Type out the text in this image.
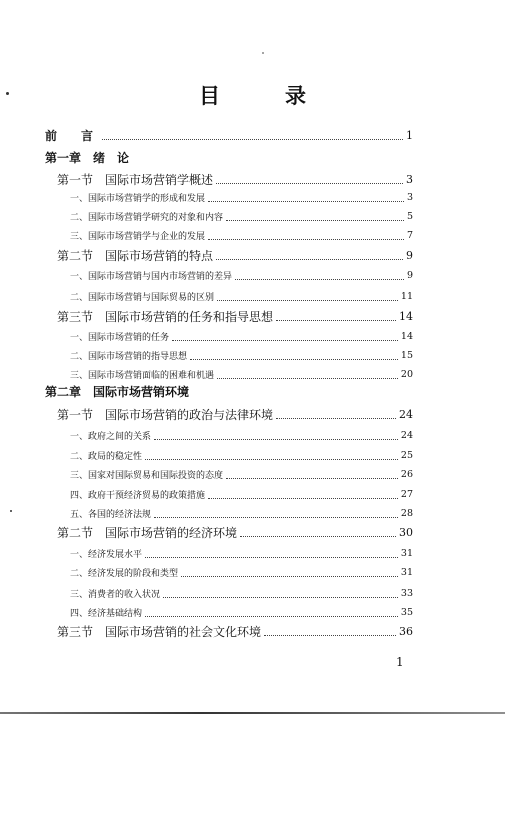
目　录
前　言	1
第一章　绪　论
第一节　国际市场营销学概述	3
一、国际市场营销学的形成和发展	3
二、国际市场营销学研究的对象和内容	5
三、国际市场营销学与企业的发展	7
第二节　国际市场营销的特点	9
一、国际市场营销与国内市场营销的差异	9
二、国际市场营销与国际贸易的区别	11
第三节　国际市场营销的任务和指导思想	14
一、国际市场营销的任务	14
二、国际市场营销的指导思想	15
三、国际市场营销面临的困难和机遇	20
第二章　国际市场营销环境
第一节　国际市场营销的政治与法律环境	24
一、政府之间的关系	24
二、政局的稳定性	25
三、国家对国际贸易和国际投资的态度	26
四、政府干预经济贸易的政策措施	27
五、各国的经济法规	28
第二节　国际市场营销的经济环境	30
一、经济发展水平	31
二、经济发展的阶段和类型	31
三、消费者的收入状况	33
四、经济基础结构	35
第三节　国际市场营销的社会文化环境	36
1
